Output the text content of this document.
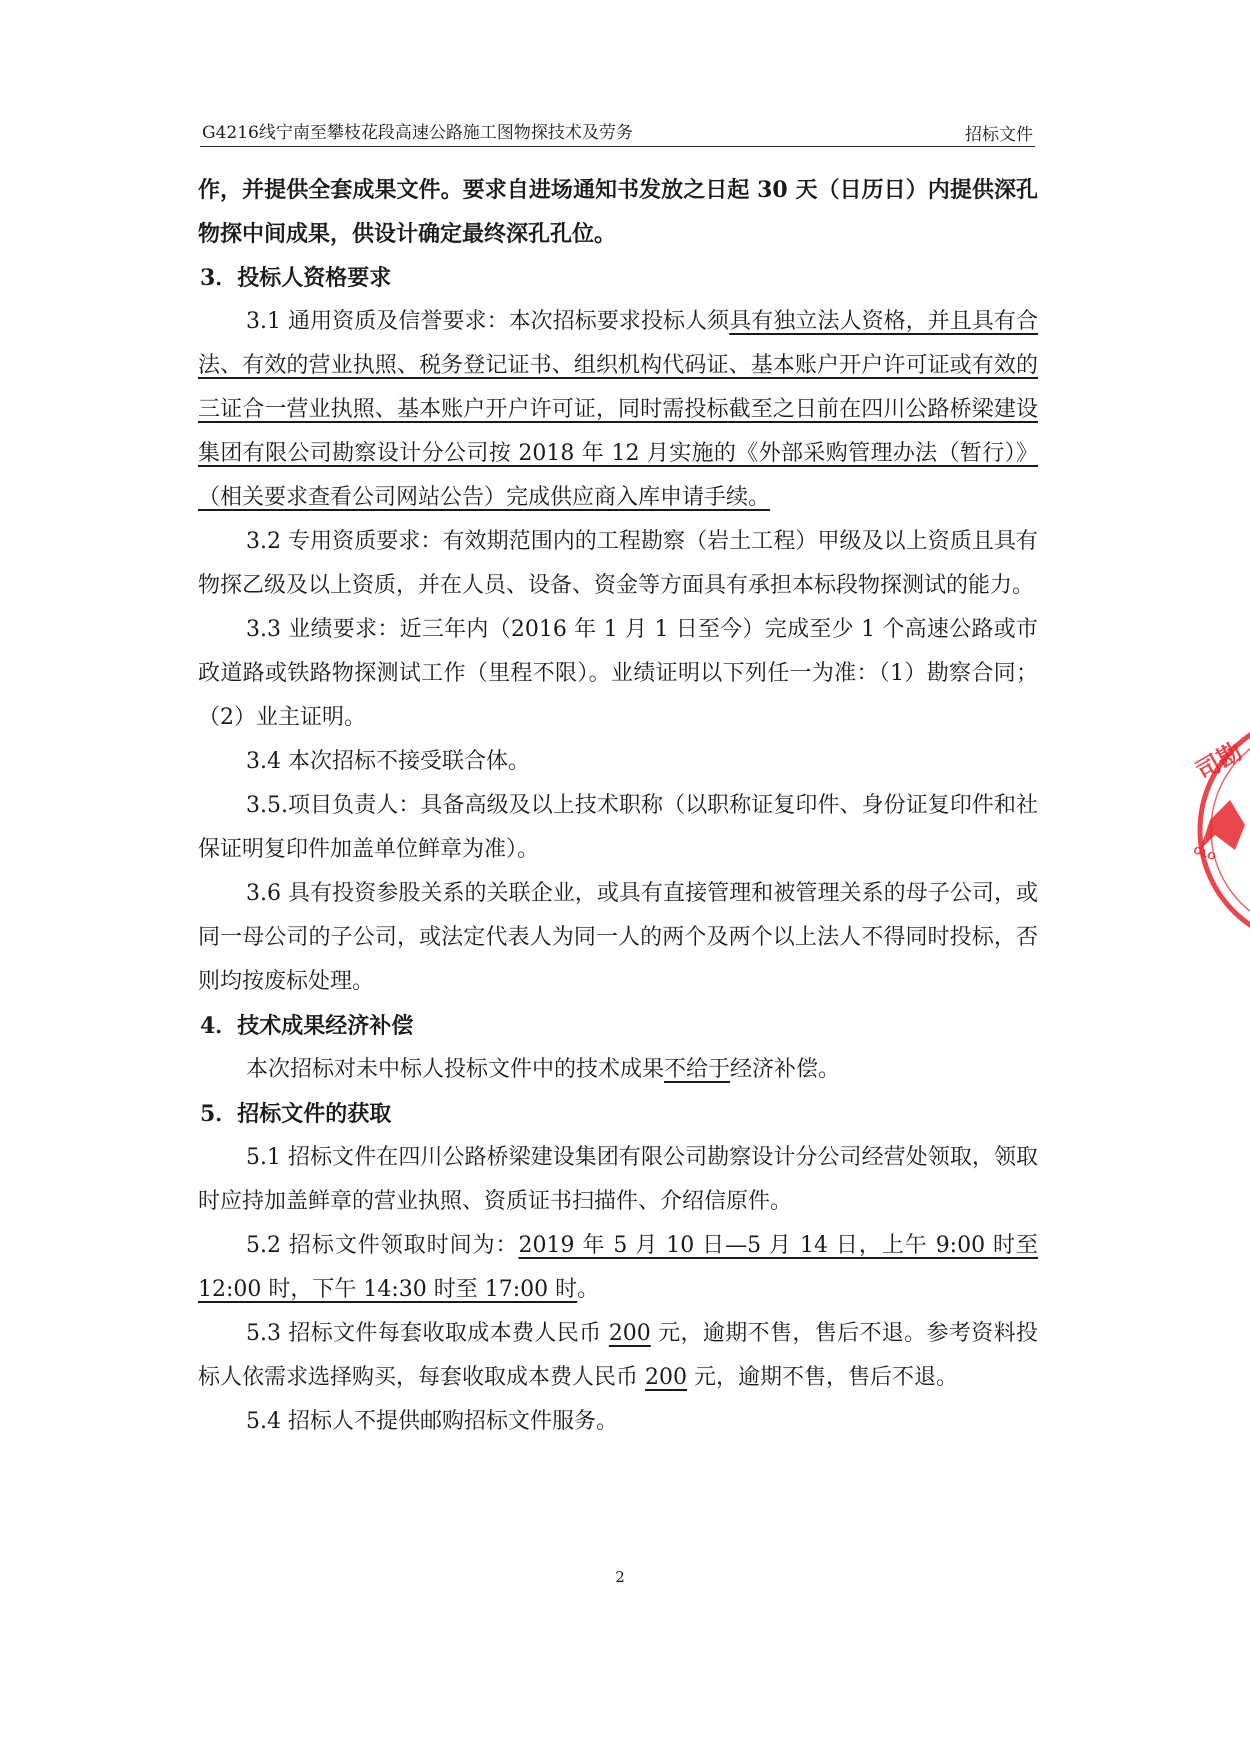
G4216线宁南至攀枝花段高速公路施工图物探技术及劳务	招标文件

作，并提供全套成果文件。要求自进场通知书发放之日起 30 天（日历日）内提供深孔物探中间成果，供设计确定最终深孔孔位。

3．投标人资格要求

3.1 通用资质及信誉要求：本次招标要求投标人须具有独立法人资格，并且具有合法、有效的营业执照、税务登记证书、组织机构代码证、基本账户开户许可证或有效的三证合一营业执照、基本账户开户许可证，同时需投标截至之日前在四川公路桥梁建设集团有限公司勘察设计分公司按 2018 年 12 月实施的《外部采购管理办法（暂行）》（相关要求查看公司网站公告）完成供应商入库申请手续。

3.2 专用资质要求：有效期范围内的工程勘察（岩土工程）甲级及以上资质且具有物探乙级及以上资质，并在人员、设备、资金等方面具有承担本标段物探测试的能力。

3.3 业绩要求：近三年内（2016 年 1 月 1 日至今）完成至少 1 个高速公路或市政道路或铁路物探测试工作（里程不限）。业绩证明以下列任一为准：（1）勘察合同；（2）业主证明。

3.4 本次招标不接受联合体。

3.5.项目负责人：具备高级及以上技术职称（以职称证复印件、身份证复印件和社保证明复印件加盖单位鲜章为准）。

3.6 具有投资参股关系的关联企业，或具有直接管理和被管理关系的母子公司，或同一母公司的子公司，或法定代表人为同一人的两个及两个以上法人不得同时投标，否则均按废标处理。

4．技术成果经济补偿

本次招标对未中标人投标文件中的技术成果不给于经济补偿。

5．招标文件的获取

5.1 招标文件在四川公路桥梁建设集团有限公司勘察设计分公司经营处领取，领取时应持加盖鲜章的营业执照、资质证书扫描件、介绍信原件。

5.2 招标文件领取时间为：2019 年 5 月 10 日—5 月 14 日，上午 9:00 时至 12:00 时，下午 14:30 时至 17:00 时。

5.3 招标文件每套收取成本费人民币 200 元，逾期不售，售后不退。参考资料投标人依需求选择购买，每套收取成本费人民币 200 元，逾期不售，售后不退。

5.4 招标人不提供邮购招标文件服务。

2
司勘
OLO
